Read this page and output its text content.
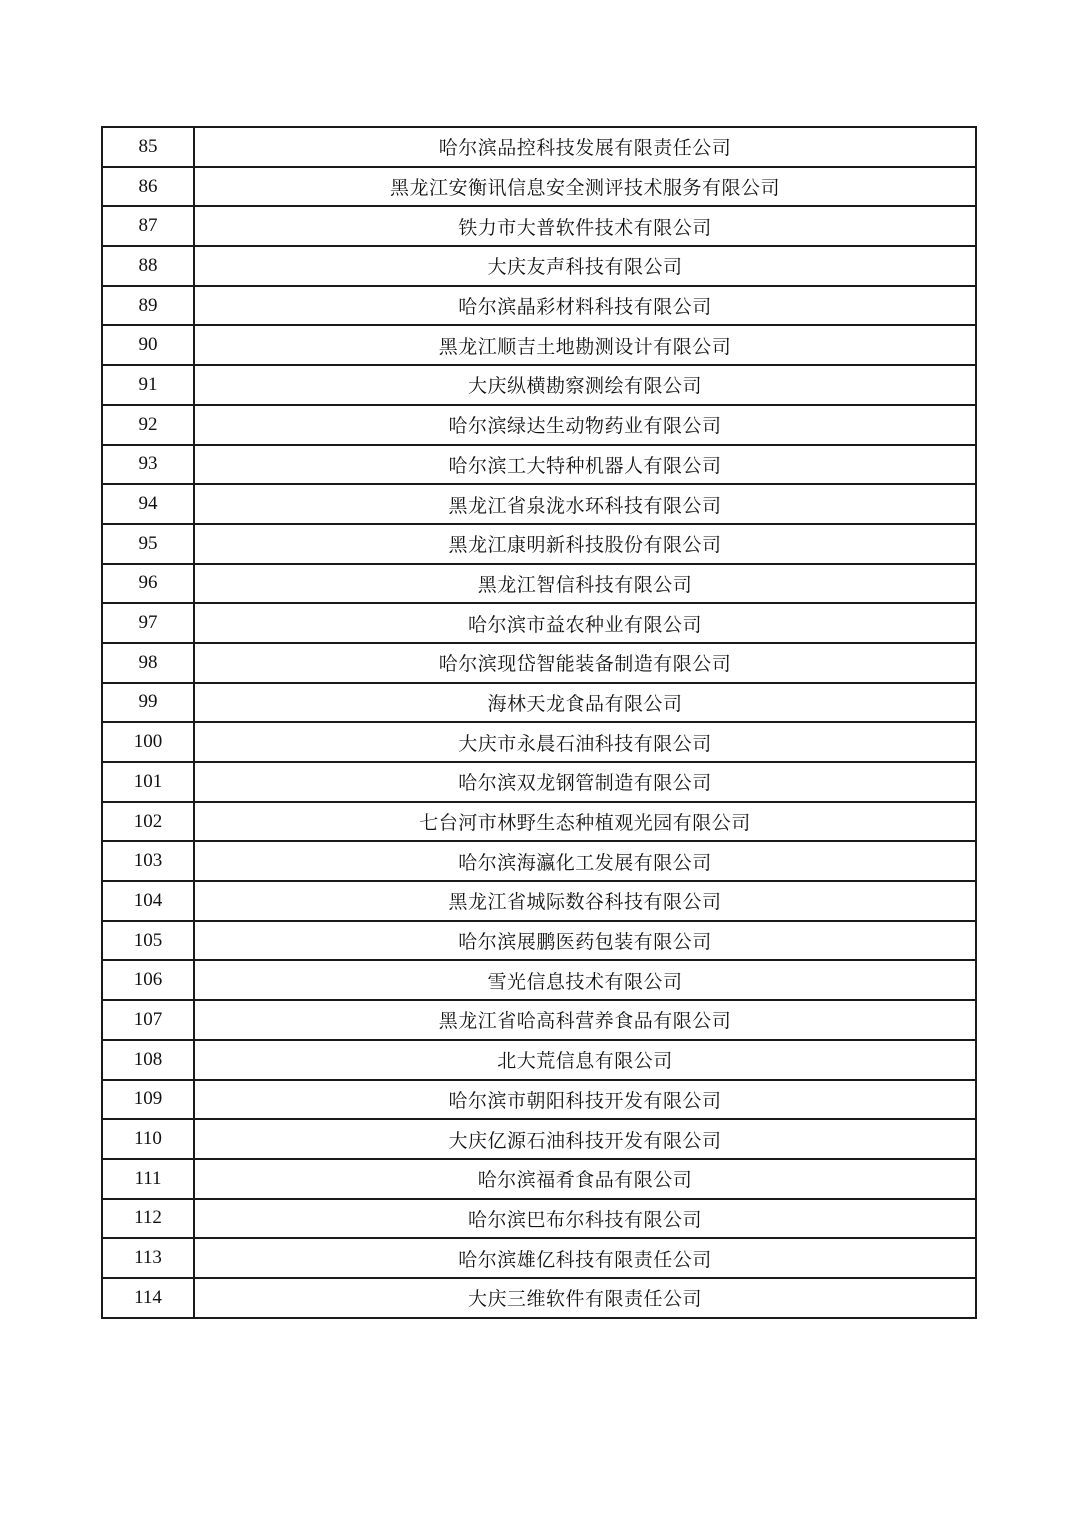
85	哈尔滨品控科技发展有限责任公司
86	黑龙江安衡讯信息安全测评技术服务有限公司
87	铁力市大普软件技术有限公司
88	大庆友声科技有限公司
89	哈尔滨晶彩材料科技有限公司
90	黑龙江顺吉土地勘测设计有限公司
91	大庆纵横勘察测绘有限公司
92	哈尔滨绿达生动物药业有限公司
93	哈尔滨工大特种机器人有限公司
94	黑龙江省泉泷水环科技有限公司
95	黑龙江康明新科技股份有限公司
96	黑龙江智信科技有限公司
97	哈尔滨市益农种业有限公司
98	哈尔滨现岱智能装备制造有限公司
99	海林天龙食品有限公司
100	大庆市永晨石油科技有限公司
101	哈尔滨双龙钢管制造有限公司
102	七台河市林野生态种植观光园有限公司
103	哈尔滨海瀛化工发展有限公司
104	黑龙江省城际数谷科技有限公司
105	哈尔滨展鹏医药包装有限公司
106	雪光信息技术有限公司
107	黑龙江省哈高科营养食品有限公司
108	北大荒信息有限公司
109	哈尔滨市朝阳科技开发有限公司
110	大庆亿源石油科技开发有限公司
111	哈尔滨福肴食品有限公司
112	哈尔滨巴布尔科技有限公司
113	哈尔滨雄亿科技有限责任公司
114	大庆三维软件有限责任公司
